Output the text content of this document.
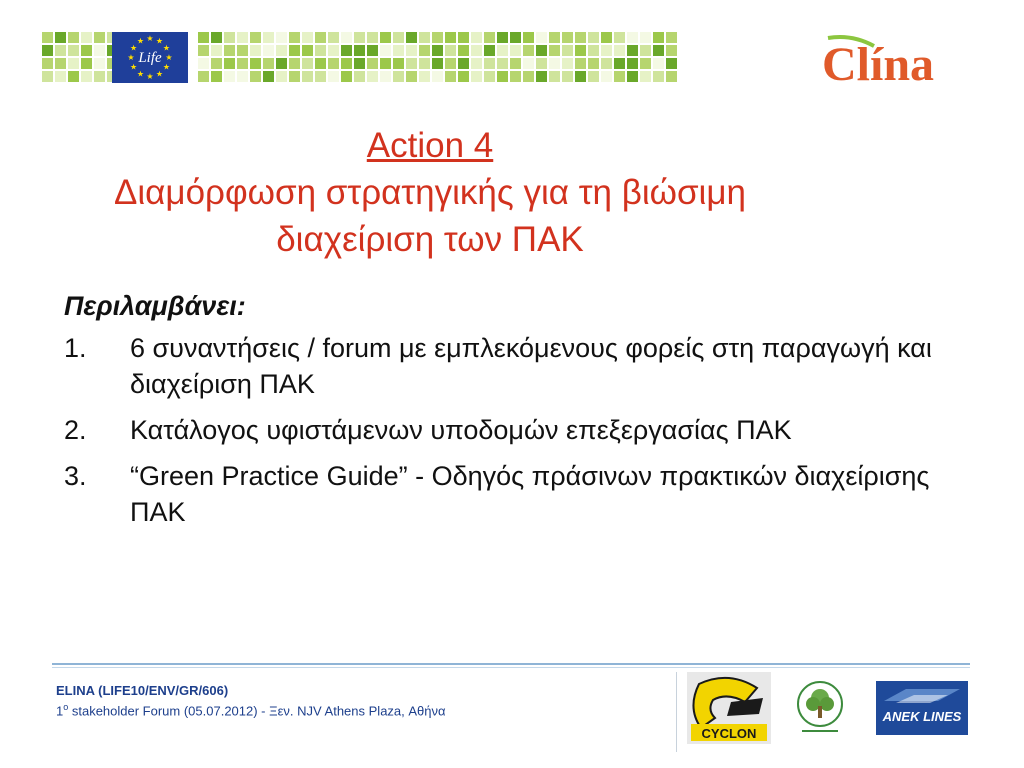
★
★
★
★
★
★
★
★
★ ★ ★
★
Life	Clína
Action 4
Διαμόρφωση στρατηγικής για τη βιώσιμη
διαχείριση των ΠΑΚ
Περιλαμβάνει:
1.	6 συναντήσεις / forum με εμπλεκόμενους φορείς στη παραγωγή και διαχείριση ΠΑΚ
2.	Κατάλογος υφιστάμενων υποδομών επεξεργασίας ΠΑΚ
3.	“Green Practice Guide” - Οδηγός πράσινων πρακτικών διαχείρισης ΠΑΚ
ELINA (LIFE10/ENV/GR/606)
$1^o$ stakeholder Forum (05.07.2012) - Ξεν. NJV Athens Plaza, Αθήνα
CYCLON
ANEK LINES
